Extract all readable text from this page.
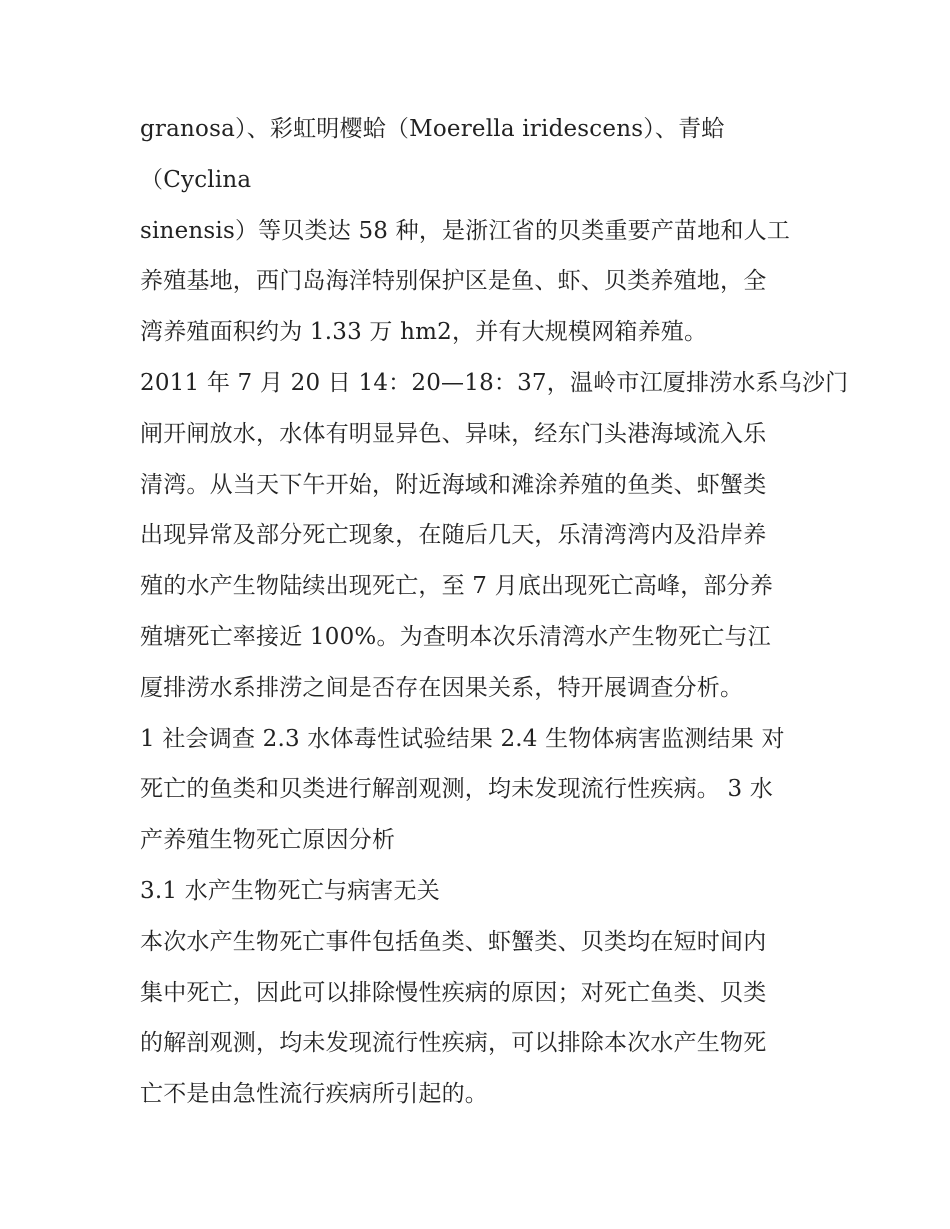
granosa）、彩虹明樱蛤（Moerella iridescens）、青蛤
（Cyclina
sinensis）等贝类达 58 种，是浙江省的贝类重要产苗地和人工
养殖基地，西门岛海洋特别保护区是鱼、虾、贝类养殖地，全
湾养殖面积约为 1.33 万 hm2，并有大规模网箱养殖。
2011 年 7 月 20 日 14：20—18：37，温岭市江厦排涝水系乌沙门
闸开闸放水，水体有明显异色、异味，经东门头港海域流入乐
清湾。从当天下午开始，附近海域和滩涂养殖的鱼类、虾蟹类
出现异常及部分死亡现象，在随后几天，乐清湾湾内及沿岸养
殖的水产生物陆续出现死亡，至 7 月底出现死亡高峰，部分养
殖塘死亡率接近 100%。为查明本次乐清湾水产生物死亡与江
厦排涝水系排涝之间是否存在因果关系，特开展调查分析。
1 社会调查 2.3 水体毒性试验结果 2.4 生物体病害监测结果 对
死亡的鱼类和贝类进行解剖观测，均未发现流行性疾病。 3 水
产养殖生物死亡原因分析
3.1 水产生物死亡与病害无关
本次水产生物死亡事件包括鱼类、虾蟹类、贝类均在短时间内
集中死亡，因此可以排除慢性疾病的原因；对死亡鱼类、贝类
的解剖观测，均未发现流行性疾病，可以排除本次水产生物死
亡不是由急性流行疾病所引起的。
